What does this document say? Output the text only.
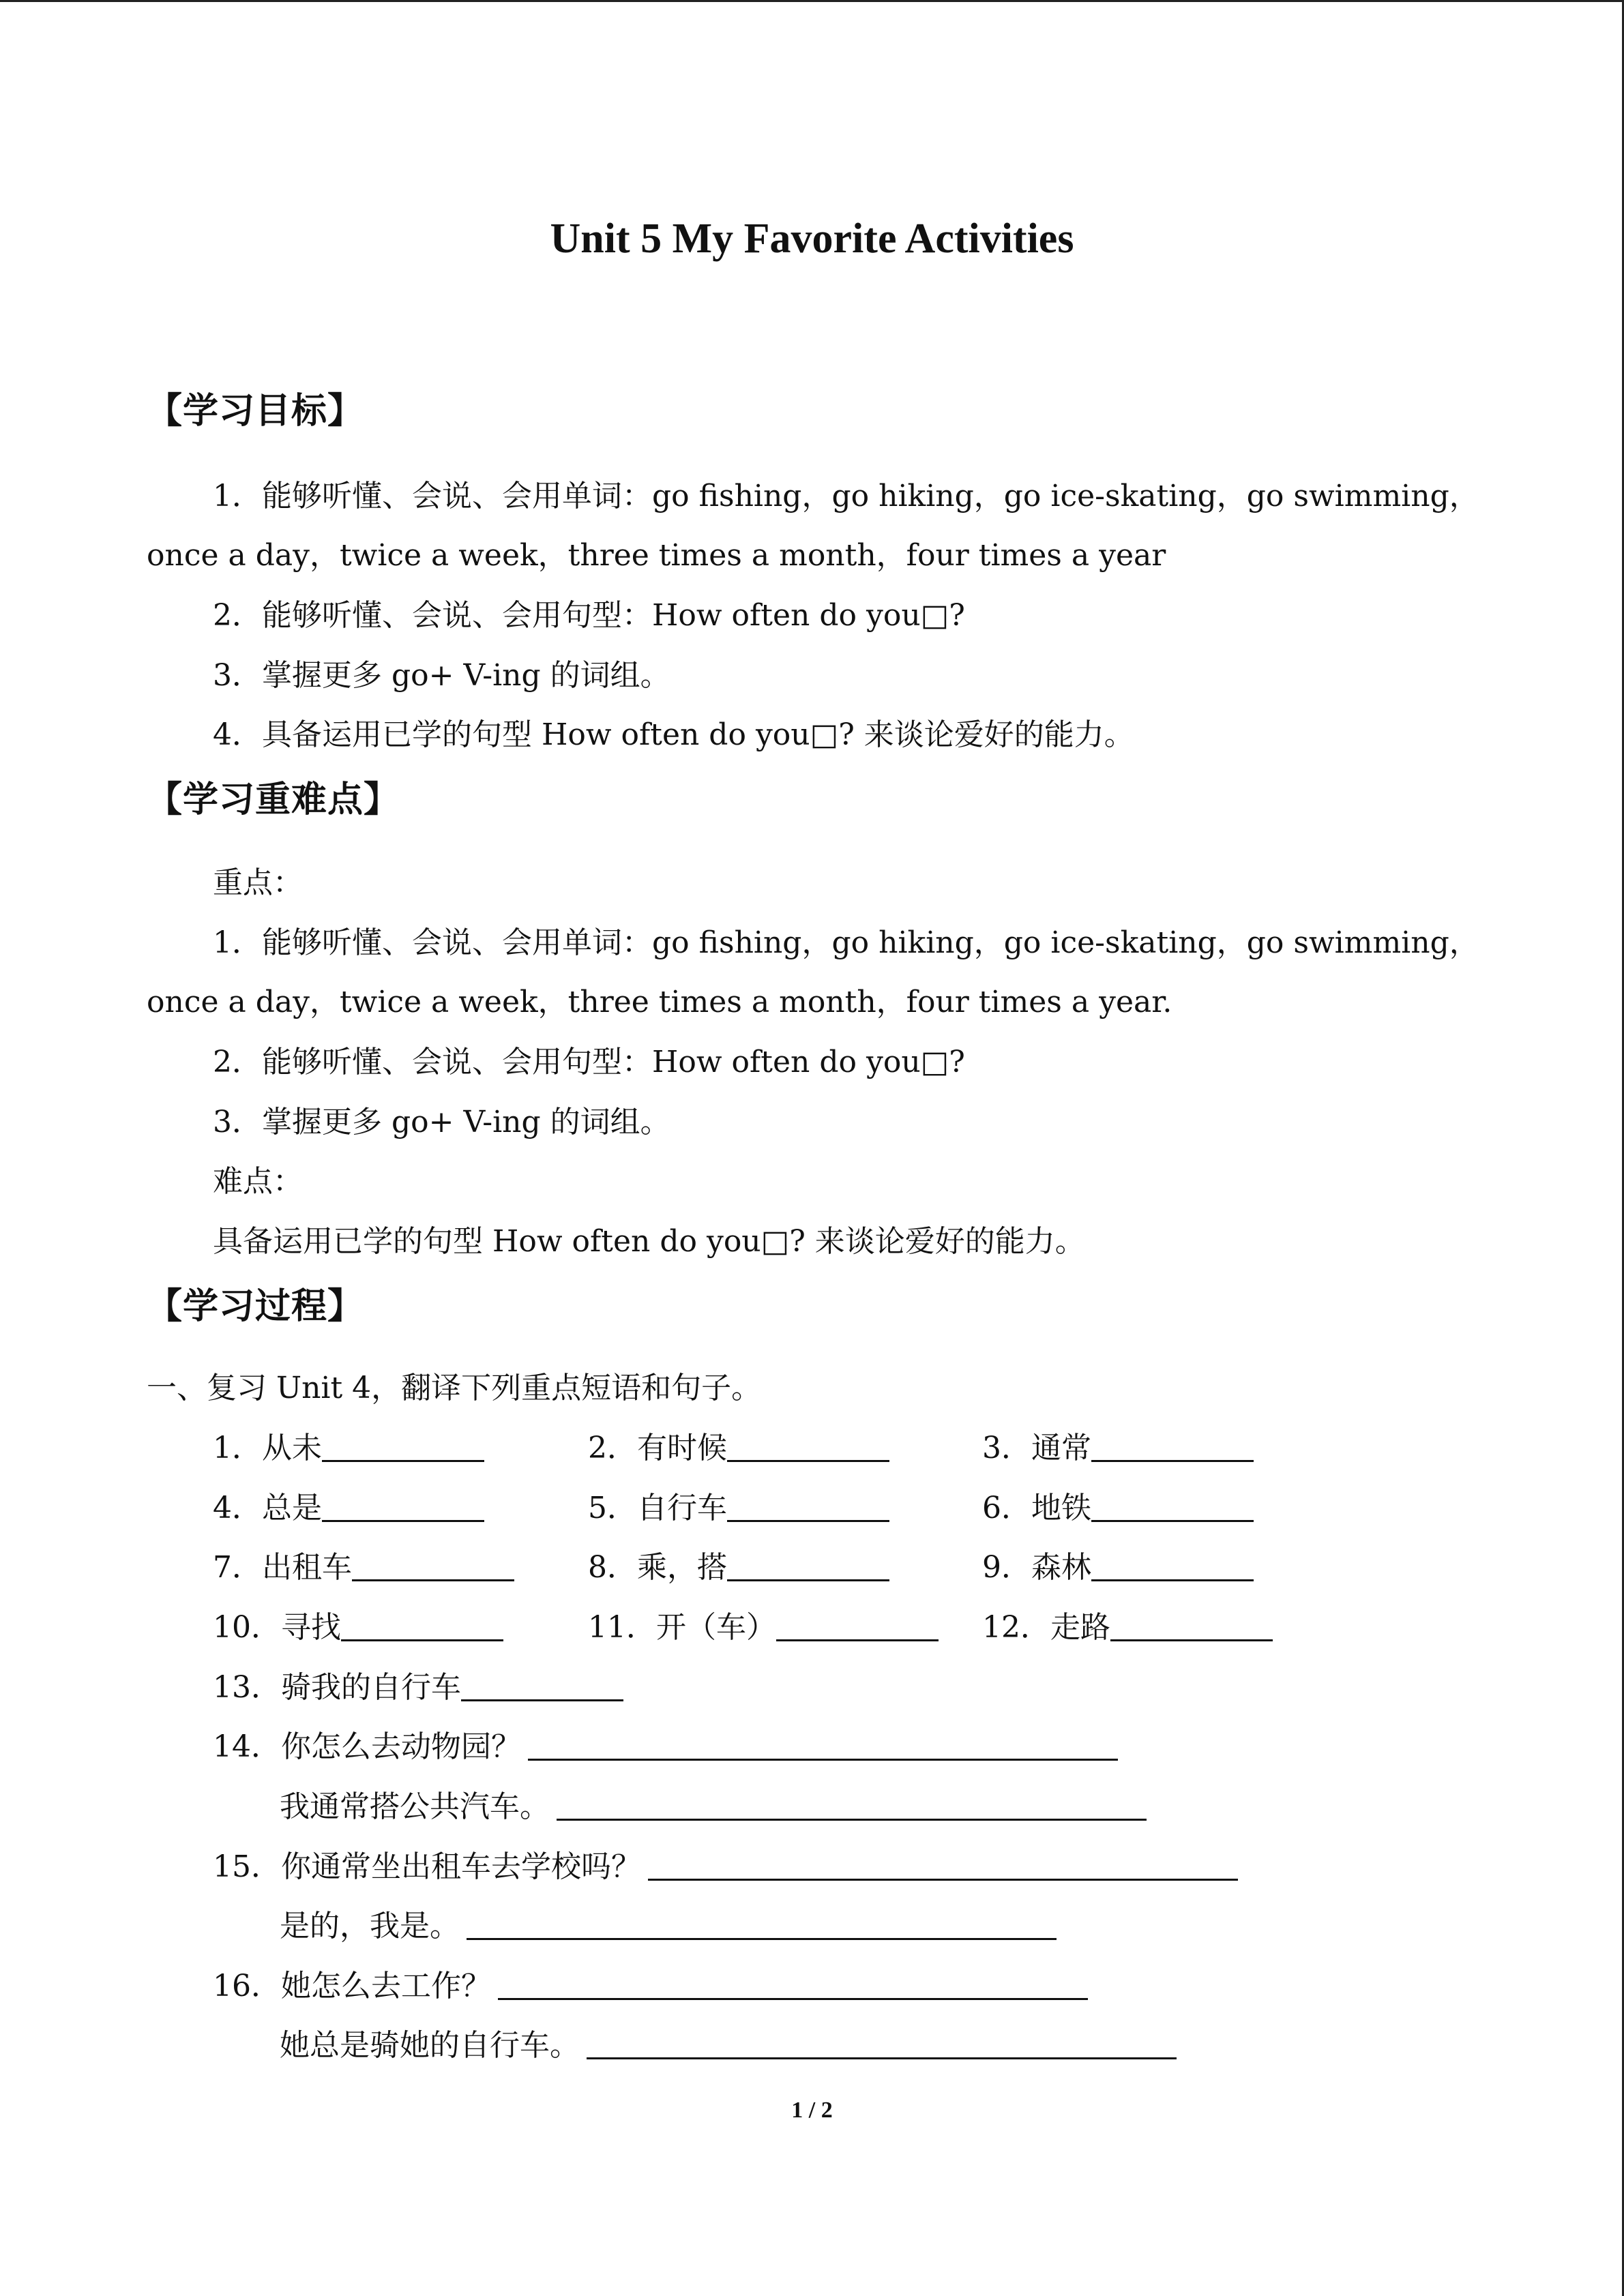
Unit 5 My Favorite Activities
【学习目标】
1．能够听懂、会说、会用单词：go fishing，go hiking，go ice-skating，go swimming，
once a day，twice a week，three times a month，four times a year
2．能够听懂、会说、会用句型：How often do you□?
3．掌握更多 go+ V-ing 的词组。
4．具备运用已学的句型 How often do you□? 来谈论爱好的能力。
【学习重难点】
重点：
1．能够听懂、会说、会用单词：go fishing，go hiking，go ice-skating，go swimming，
once a day，twice a week，three times a month，four times a year.
2．能够听懂、会说、会用句型：How often do you□?
3．掌握更多 go+ V-ing 的词组。
难点：
具备运用已学的句型 How often do you□? 来谈论爱好的能力。
【学习过程】
一、复习 Unit 4，翻译下列重点短语和句子。
1．从未	2．有时候	3．通常
4．总是	5．自行车	6．地铁
7．出租车	8．乘，搭	9．森林
10．寻找	11．开（车）	12．走路
13．骑我的自行车
14．你怎么去动物园？
我通常搭公共汽车。
15．你通常坐出租车去学校吗？
是的，我是。
16．她怎么去工作？
她总是骑她的自行车。
1 / 2
